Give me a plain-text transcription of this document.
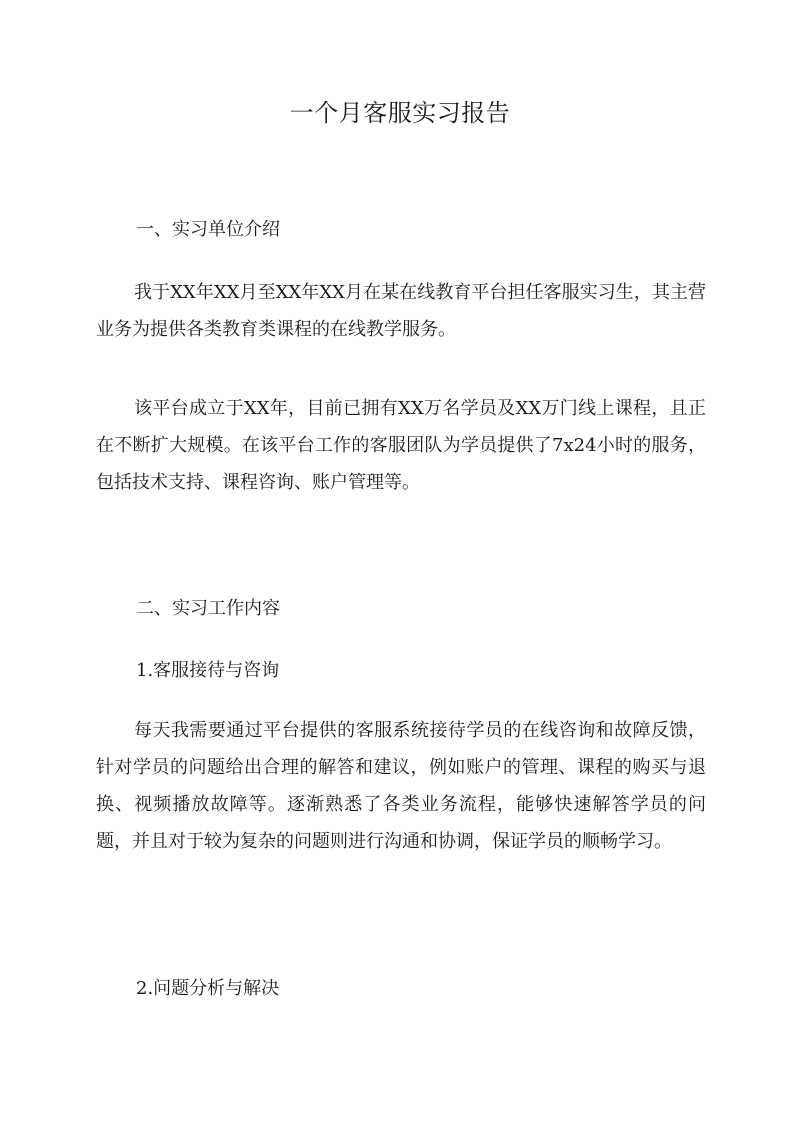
一个月客服实习报告

一、实习单位介绍

我于XX年XX月至XX年XX月在某在线教育平台担任客服实习生，其主营业务为提供各类教育类课程的在线教学服务。

该平台成立于XX年，目前已拥有XX万名学员及XX万门线上课程，且正在不断扩大规模。在该平台工作的客服团队为学员提供了7x24小时的服务，包括技术支持、课程咨询、账户管理等。

二、实习工作内容

1.客服接待与咨询

每天我需要通过平台提供的客服系统接待学员的在线咨询和故障反馈，针对学员的问题给出合理的解答和建议，例如账户的管理、课程的购买与退换、视频播放故障等。逐渐熟悉了各类业务流程，能够快速解答学员的问题，并且对于较为复杂的问题则进行沟通和协调，保证学员的顺畅学习。

2.问题分析与解决
